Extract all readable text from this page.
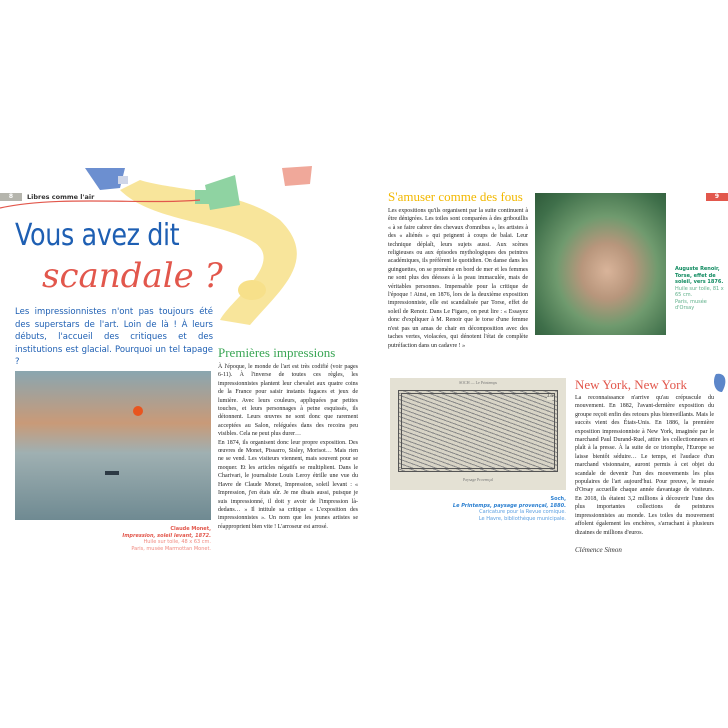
8	Libres comme l'air
Vous avez dit
scandale ?
Les impressionnistes n'ont pas toujours été des superstars de l'art. Loin de là ! À leurs débuts, l'accueil des critiques et des institutions est glacial. Pourquoi un tel tapage ?
Claude Monet,
Impression, soleil levant, 1872.
Huile sur toile, 48 x 63 cm.
Paris, musée Marmottan Monet.
Premières impressions

À l'époque, le monde de l'art est très codifié (voir pages 6-11). À l'inverse de toutes ces règles, les impressionnistes plantent leur chevalet aux quatre coins de la France pour saisir instants fugaces et jeux de lumière. Avec leurs couleurs, appliquées par petites touches, et leurs personnages à peine esquissés, ils détonnent. Leurs œuvres ne sont donc que rarement acceptées au Salon, reléguées dans des recoins peu visibles. Cela ne peut plus durer…

En 1874, ils organisent donc leur propre exposition. Des œuvres de Monet, Pissarro, Sisley, Morisot… Mais rien ne se vend. Les visiteurs viennent, mais souvent pour se moquer. Et les articles négatifs se multiplient. Dans le Charivari, le journaliste Louis Leroy étrille une vue du Havre de Claude Monet, Impression, soleil levant : « Impression, j'en étais sûr. Je me disais aussi, puisque je suis impressionné, il doit y avoir de l'impression là-dedans… » Il intitule sa critique « L'exposition des impressionnistes ». Un nom que les jeunes artistes se réapproprient bien vite ! L'arroseur est arrosé.

9
S'amuser comme des fous

Les expositions qu'ils organisent par la suite continuent à être dénigrées. Les toiles sont comparées à des gribouillis « à se faire cabrer des chevaux d'omnibus », les artistes à des « aliénés » qui peignent à coups de balai. Leur technique déplaît, leurs sujets aussi. Aux scènes religieuses ou aux épisodes mythologiques des peintres académiques, ils préfèrent le quotidien. On danse dans les guinguettes, on se promène en bord de mer et les femmes ne sont plus des déesses à la peau immaculée, mais de véritables personnes. Impensable pour la critique de l'époque ! Ainsi, en 1876, lors de la deuxième exposition impressionniste, elle est scandalisée par Torse, effet de soleil de Renoir. Dans Le Figaro, on peut lire : « Essayez donc d'expliquer à M. Renoir que le torse d'une femme n'est pas un amas de chair en décomposition avec des taches vertes, violacées, qui dénotent l'état de complète putréfaction dans un cadavre ! »

Auguste Renoir, Torse, effet de soleil, vers 1876.
Huile sur toile, 81 x 65 cm.
Paris, musée d'Orsay
SOCH — Le Printemps
33e
Paysage Provençal
Soch,
Le Printemps, paysage provençal, 1880.
Caricature pour la Revue comique.
Le Havre, bibliothèque municipale.
New York, New York

La reconnaissance n'arrive qu'au crépuscule du mouvement. En 1882, l'avant-dernière exposition du groupe reçoit enfin des retours plus bienveillants. Mais le succès vient des États-Unis. En 1886, la première exposition impressionniste à New York, imaginée par le marchand Paul Durand-Ruel, attire les collectionneurs et plaît à la presse. À la suite de ce triomphe, l'Europe se laisse bientôt séduire… Le temps, et l'audace d'un marchand visionnaire, auront permis à cet objet du scandale de devenir l'un des mouvements les plus populaires de l'art aujourd'hui. Pour preuve, le musée d'Orsay accueille chaque année davantage de visiteurs. En 2018, ils étaient 3,2 millions à découvrir l'une des plus importantes collections de peintures impressionnistes au monde. Les toiles du mouvement affolent également les enchères, s'arrachant à plusieurs dizaines de millions d'euros.

Clémence Simon
